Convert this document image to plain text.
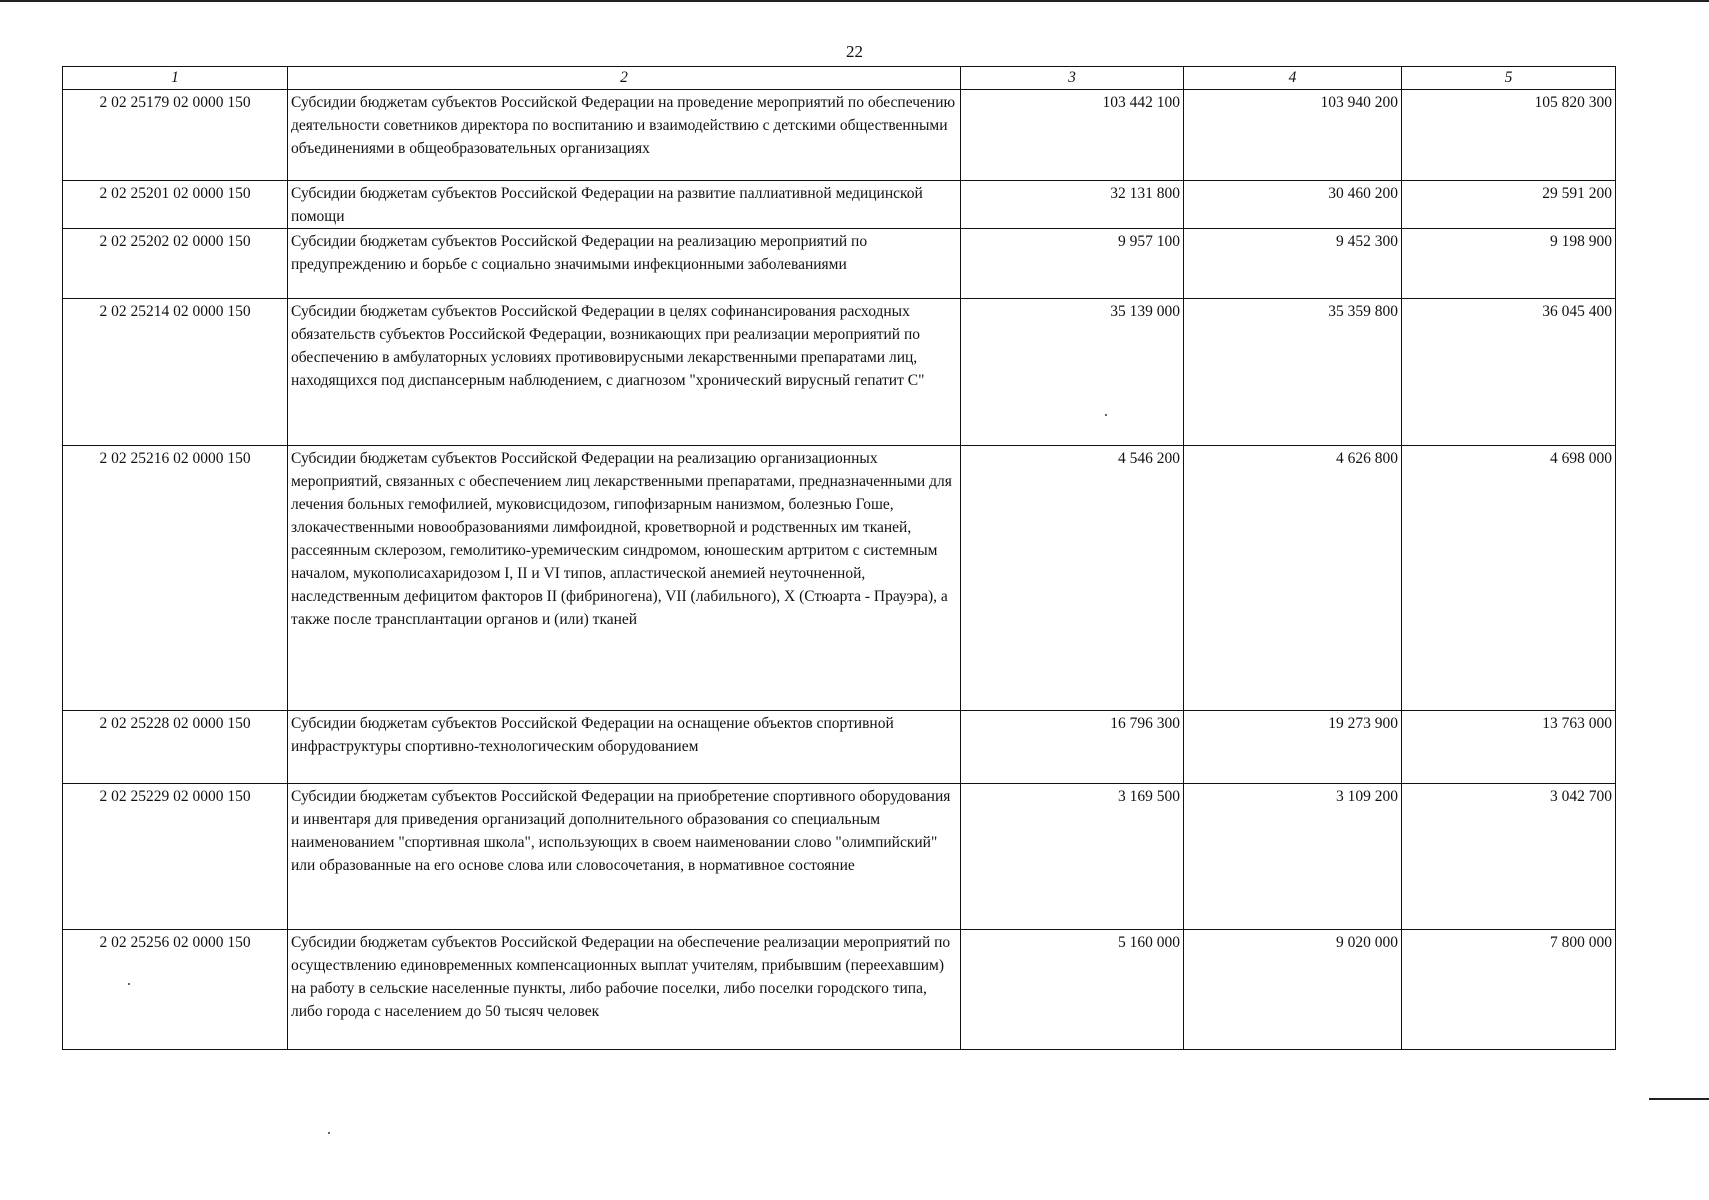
22
1	2	3	4	5
2 02 25179 02 0000 150	Субсидии бюджетам субъектов Российской Федерации на проведение мероприятий по обеспечению деятельности советников директора по воспитанию и взаимодействию с детскими общественными объединениями в общеобразовательных организациях	103 442 100	103 940 200	105 820 300
2 02 25201 02 0000 150	Субсидии бюджетам субъектов Российской Федерации на развитие паллиативной медицинской помощи	32 131 800	30 460 200	29 591 200
2 02 25202 02 0000 150	Субсидии бюджетам субъектов Российской Федерации на реализацию мероприятий по предупреждению и борьбе с социально значимыми инфекционными заболеваниями	9 957 100	9 452 300	9 198 900
2 02 25214 02 0000 150	Субсидии бюджетам субъектов Российской Федерации в целях софинансирования расходных обязательств субъектов Российской Федерации, возникающих при реализации мероприятий по обеспечению в амбулаторных условиях противовирусными лекарственными препаратами лиц, находящихся под диспансерным наблюдением, с диагнозом "хронический вирусный гепатит С"	35 139 000	35 359 800	36 045 400
2 02 25216 02 0000 150	Субсидии бюджетам субъектов Российской Федерации на реализацию организационных мероприятий, связанных с обеспечением лиц лекарственными препаратами, предназначенными для лечения больных гемофилией, муковисцидозом, гипофизарным нанизмом, болезнью Гоше, злокачественными новообразованиями лимфоидной, кроветворной и родственных им тканей, рассеянным склерозом, гемолитико-уремическим синдромом, юношеским артритом с системным началом, мукополисахаридозом I, II и VI типов, апластической анемией неуточненной, наследственным дефицитом факторов II (фибриногена), VII (лабильного), X (Стюарта - Прауэра), а также после трансплантации органов и (или) тканей	4 546 200	4 626 800	4 698 000
2 02 25228 02 0000 150	Субсидии бюджетам субъектов Российской Федерации на оснащение объектов спортивной инфраструктуры спортивно-технологическим оборудованием	16 796 300	19 273 900	13 763 000
2 02 25229 02 0000 150	Субсидии бюджетам субъектов Российской Федерации на приобретение спортивного оборудования и инвентаря для приведения организаций дополнительного образования со специальным наименованием "спортивная школа", использующих в своем наименовании слово "олимпийский" или образованные на его основе слова или словосочетания, в нормативное состояние	3 169 500	3 109 200	3 042 700
2 02 25256 02 0000 150	Субсидии бюджетам субъектов Российской Федерации на обеспечение реализации мероприятий по осуществлению единовременных компенсационных выплат учителям, прибывшим (переехавшим) на работу в сельские населенные пункты, либо рабочие поселки, либо поселки городского типа, либо города с населением до 50 тысяч человек	5 160 000	9 020 000	7 800 000
